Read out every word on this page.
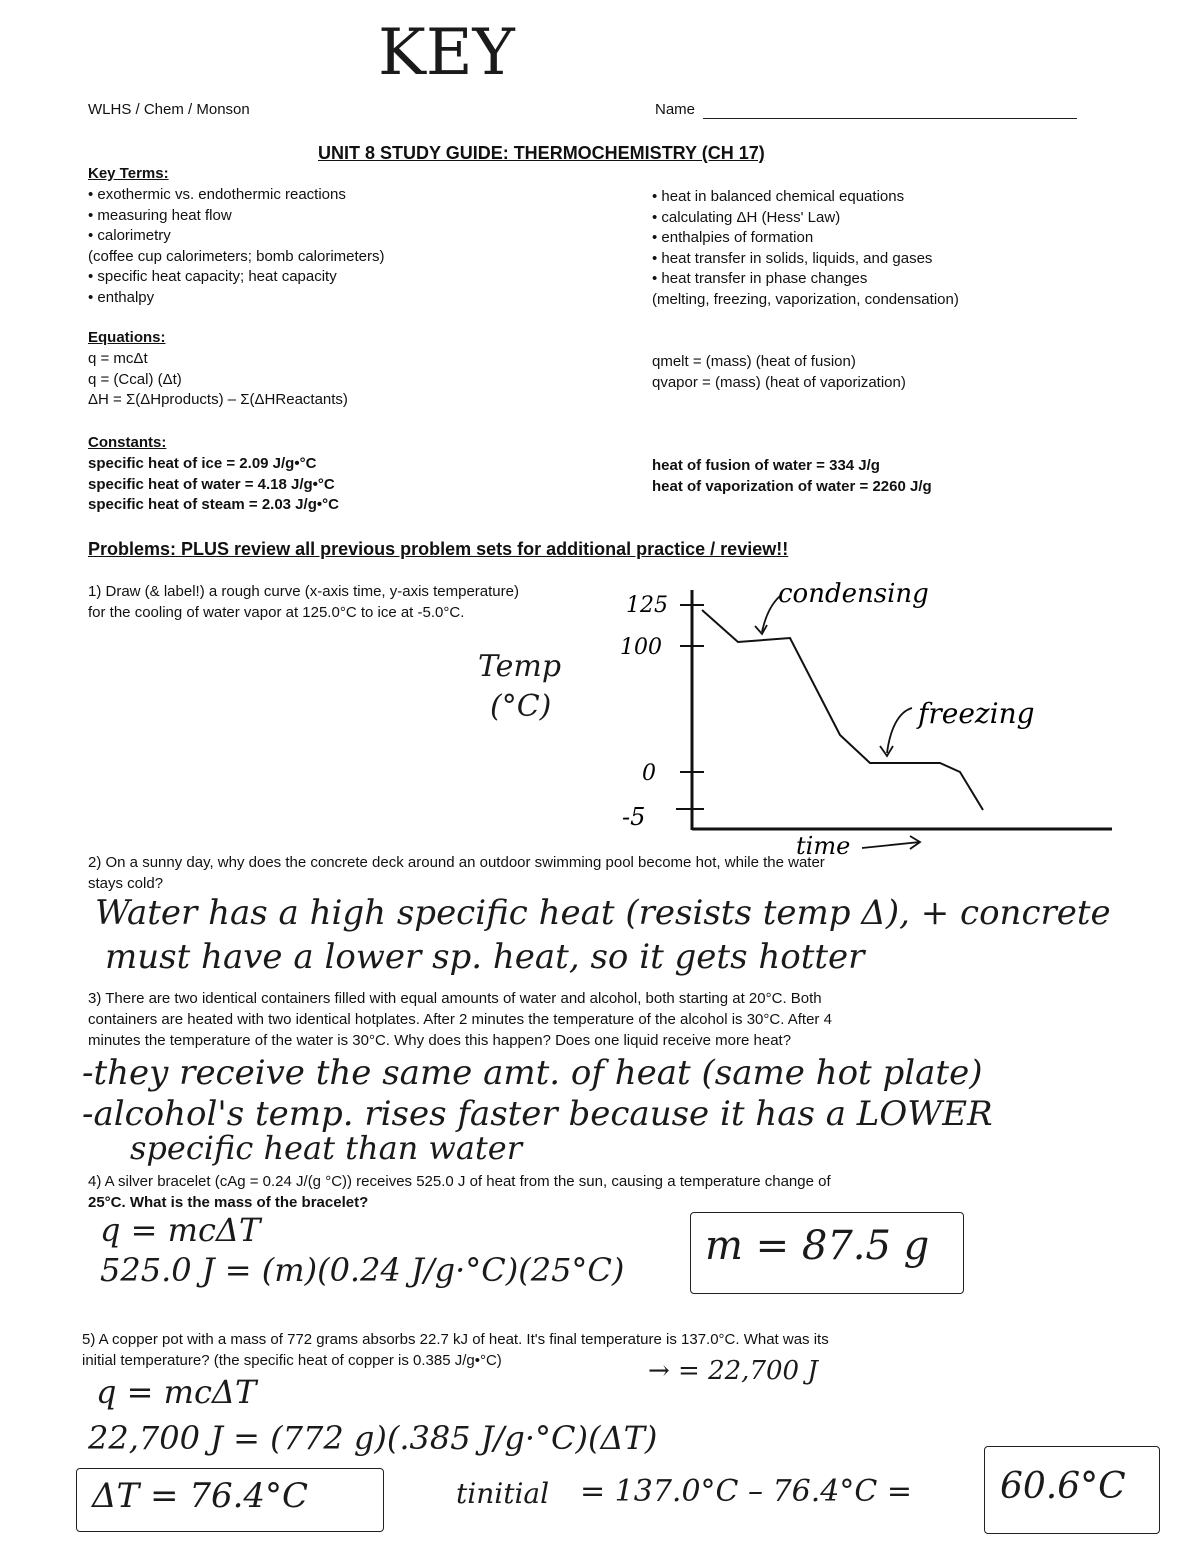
KEY
WLHS / Chem / Monson	Name
UNIT 8 STUDY GUIDE: THERMOCHEMISTRY (CH 17)
Key Terms:
• exothermic vs. endothermic reactions
• measuring heat flow
• calorimetry
(coffee cup calorimeters; bomb calorimeters)
• specific heat capacity; heat capacity
• enthalpy
• heat in balanced chemical equations
• calculating ΔH (Hess' Law)
• enthalpies of formation
• heat transfer in solids, liquids, and gases
• heat transfer in phase changes
(melting, freezing, vaporization, condensation)
Equations:
q = mcΔt
q = (Ccal) (Δt)
ΔH = Σ(ΔHproducts) – Σ(ΔHReactants)
qmelt = (mass) (heat of fusion)
qvapor = (mass) (heat of vaporization)
Constants:
specific heat of ice = 2.09 J/g•°C
specific heat of water = 4.18 J/g•°C
specific heat of steam = 2.03 J/g•°C
heat of fusion of water = 334 J/g
heat of vaporization of water = 2260 J/g
Problems: PLUS review all previous problem sets for additional practice / review!!
1) Draw (& label!) a rough curve (x-axis time, y-axis temperature)
for the cooling of water vapor at 125.0°C to ice at -5.0°C.
Temp
(°C)
125
100
0
-5
condensing
freezing
time
2) On a sunny day, why does the concrete deck around an outdoor swimming pool become hot, while the water
stays cold?
Water has a high specific heat (resists temp Δ), + concrete
must have a lower sp. heat, so it gets hotter
3) There are two identical containers filled with equal amounts of water and alcohol, both starting at 20°C. Both
containers are heated with two identical hotplates. After 2 minutes the temperature of the alcohol is 30°C. After 4
minutes the temperature of the water is 30°C. Why does this happen? Does one liquid receive more heat?
-they receive the same amt. of heat (same hot plate)
-alcohol's temp. rises faster because it has a LOWER
specific heat than water
4) A silver bracelet (cAg = 0.24 J/(g °C)) receives 525.0 J of heat from the sun, causing a temperature change of
25°C. What is the mass of the bracelet?
q = mcΔT
525.0 J = (m)(0.24 J/g·°C)(25°C)
m = 87.5 g
5) A copper pot with a mass of 772 grams absorbs 22.7 kJ of heat. It's final temperature is 137.0°C. What was its
initial temperature? (the specific heat of copper is 0.385 J/g•°C)	→ = 22,700 J
q = mcΔT
22,700 J = (772 g)(.385 J/g·°C)(ΔT)
ΔT = 76.4°C	tinitial = 137.0°C – 76.4°C = 60.6°C
